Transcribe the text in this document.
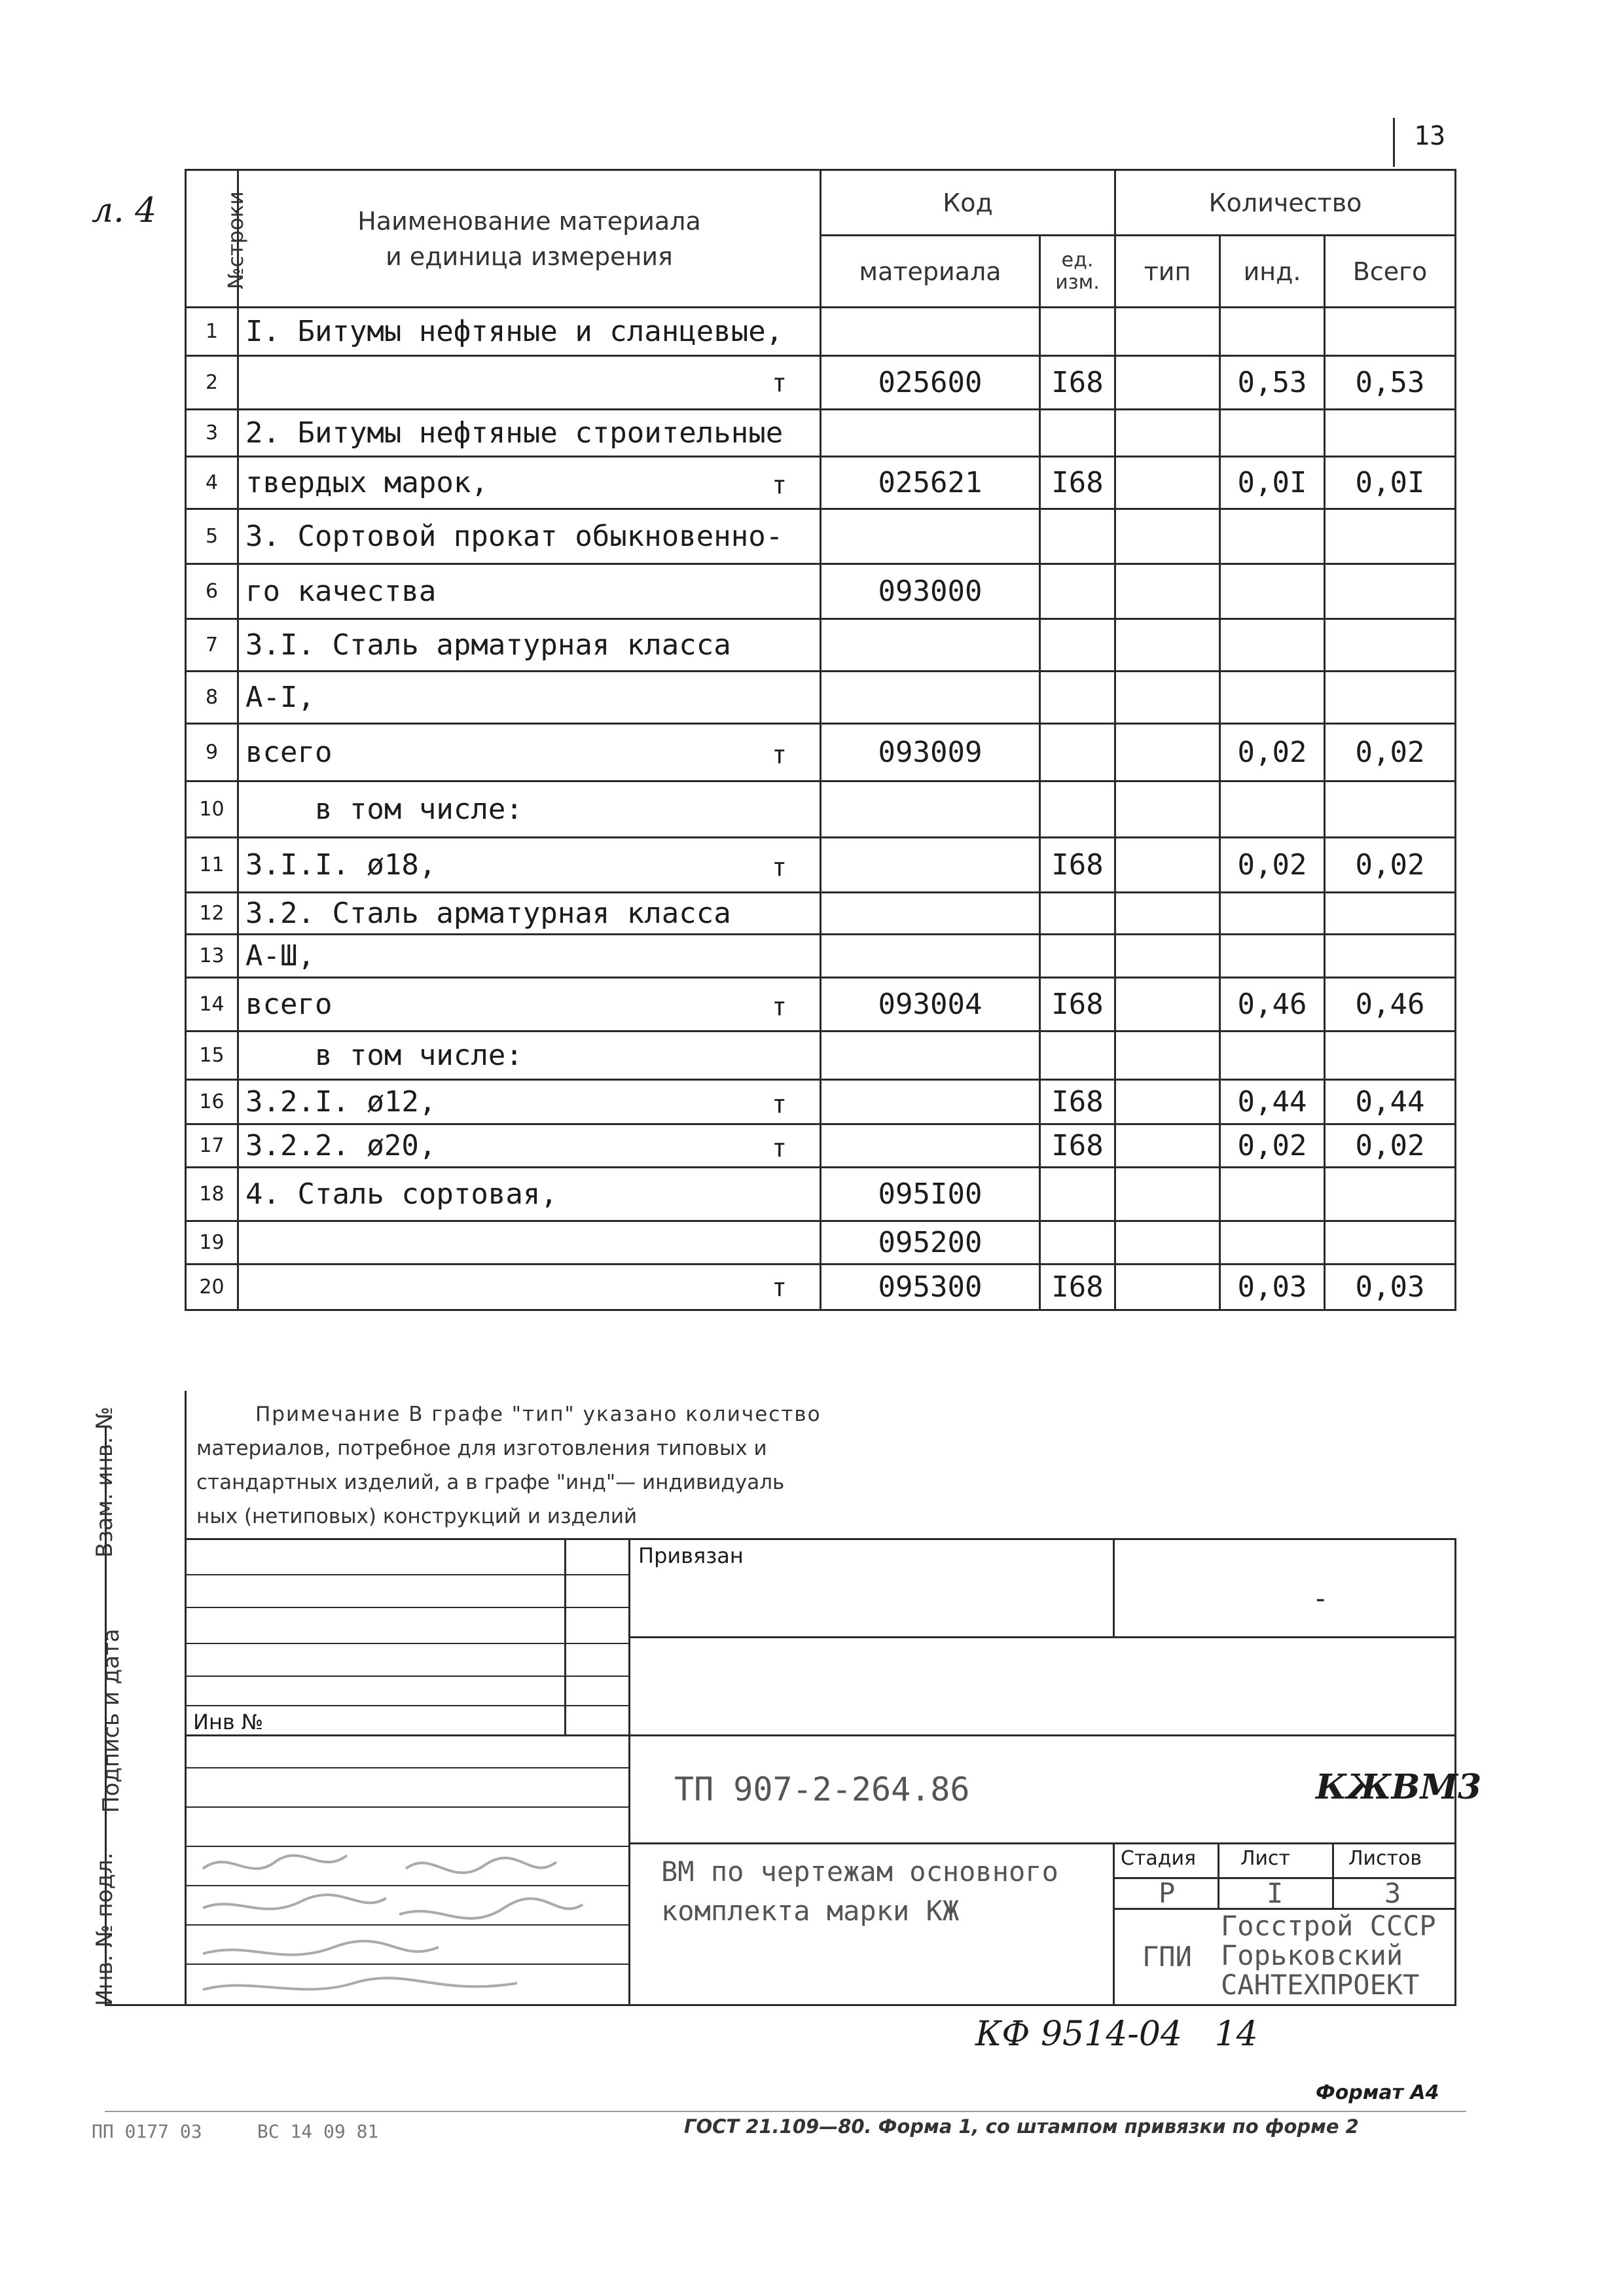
13
л. 4	№строки	Наименование материала
и единица измерения	Код		Количество		
		материала	ед.
изм.	тип	инд.	Всего
1	I. Битумы нефтяные и сланцевые,					

2	т	025600	I68		0,53	0,53
3	2. Битумы нефтяные строительные					

4	твердых марок, т	025621	I68		0,0I	0,0I
5	3. Сортовой прокат обыкновенно-					

6	го качества	093000				
7	3.I. Сталь арматурная класса					

8	А-I,					

9	всего т	093009			0,02	0,02
10	в том числе:					

11	3.I.I. ø18, т		I68		0,02	0,02
12	3.2. Сталь арматурная класса					

13	А-Ш,					

14	всего т	093004	I68		0,46	0,46
15	в том числе:					

16	3.2.I. ø12, т		I68		0,44	0,44
17	3.2.2. ø20, т		I68		0,02	0,02
18	4. Сталь сортовая,	095I00				
19		095200				
20	т	095300	I68		0,03	0,03
Примечание В графе "тип" указано количество
материалов, потребное для изготовления типовых и
стандартных изделий, а в графе "инд"— индивидуаль
ных (нетиповых) конструкций и изделий
Привязан
-
Инв №
ТП 907-2-264.86	КЖВМ3
ВМ по чертежам основного
комплекта марки КЖ
Стадия Лист	Листов
Р	I	3
ГПИ
Госстрой СССР
Горьковский
САНТЕХПРОЕКТ
Взам. инв. №
Подпись и дата
Инв. № подл.
КФ 9514-04   14
Формат А4
ПП 0177 03     ВС 14 09 81	ГОСТ 21.109—80. Форма 1, со штампом привязки по форме 2
